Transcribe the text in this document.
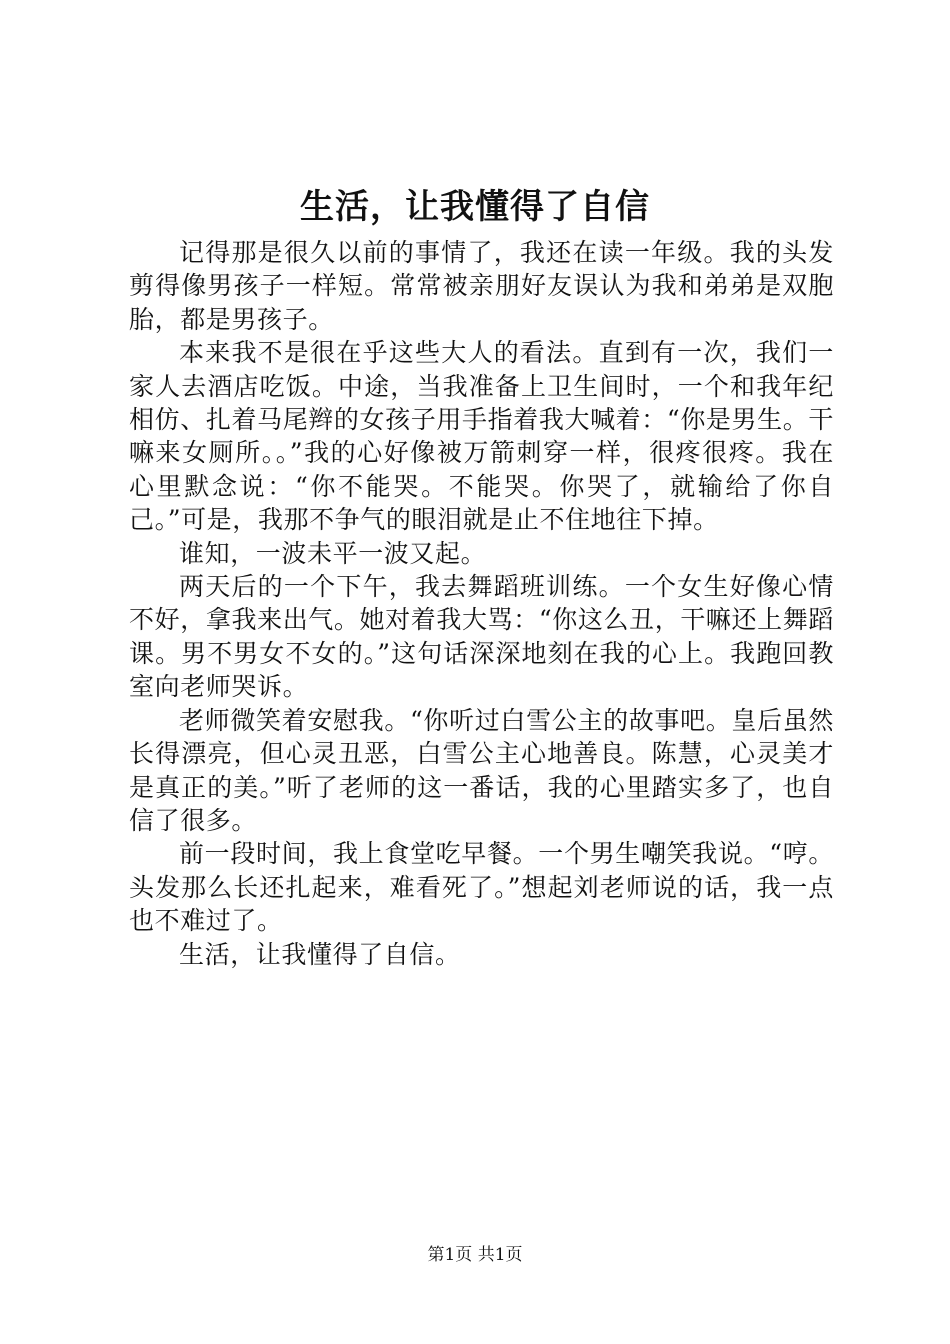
生活，让我懂得了自信

记得那是很久以前的事情了，我还在读一年级。我的头发剪得像男孩子一样短。常常被亲朋好友误认为我和弟弟是双胞胎，都是男孩子。

本来我不是很在乎这些大人的看法。直到有一次，我们一家人去酒店吃饭。中途，当我准备上卫生间时，一个和我年纪相仿、扎着马尾辫的女孩子用手指着我大喊着：“你是男生。干嘛来女厕所。。”我的心好像被万箭刺穿一样，很疼很疼。我在心里默念说：“你不能哭。不能哭。你哭了，就输给了你自己。”可是，我那不争气的眼泪就是止不住地往下掉。

谁知，一波未平一波又起。

两天后的一个下午，我去舞蹈班训练。一个女生好像心情不好，拿我来出气。她对着我大骂：“你这么丑，干嘛还上舞蹈课。男不男女不女的。”这句话深深地刻在我的心上。我跑回教室向老师哭诉。

老师微笑着安慰我。“你听过白雪公主的故事吧。皇后虽然长得漂亮，但心灵丑恶，白雪公主心地善良。陈慧，心灵美才是真正的美。”听了老师的这一番话，我的心里踏实多了，也自信了很多。

前一段时间，我上食堂吃早餐。一个男生嘲笑我说。“哼。头发那么长还扎起来，难看死了。”想起刘老师说的话，我一点也不难过了。

生活，让我懂得了自信。

第1页 共1页
